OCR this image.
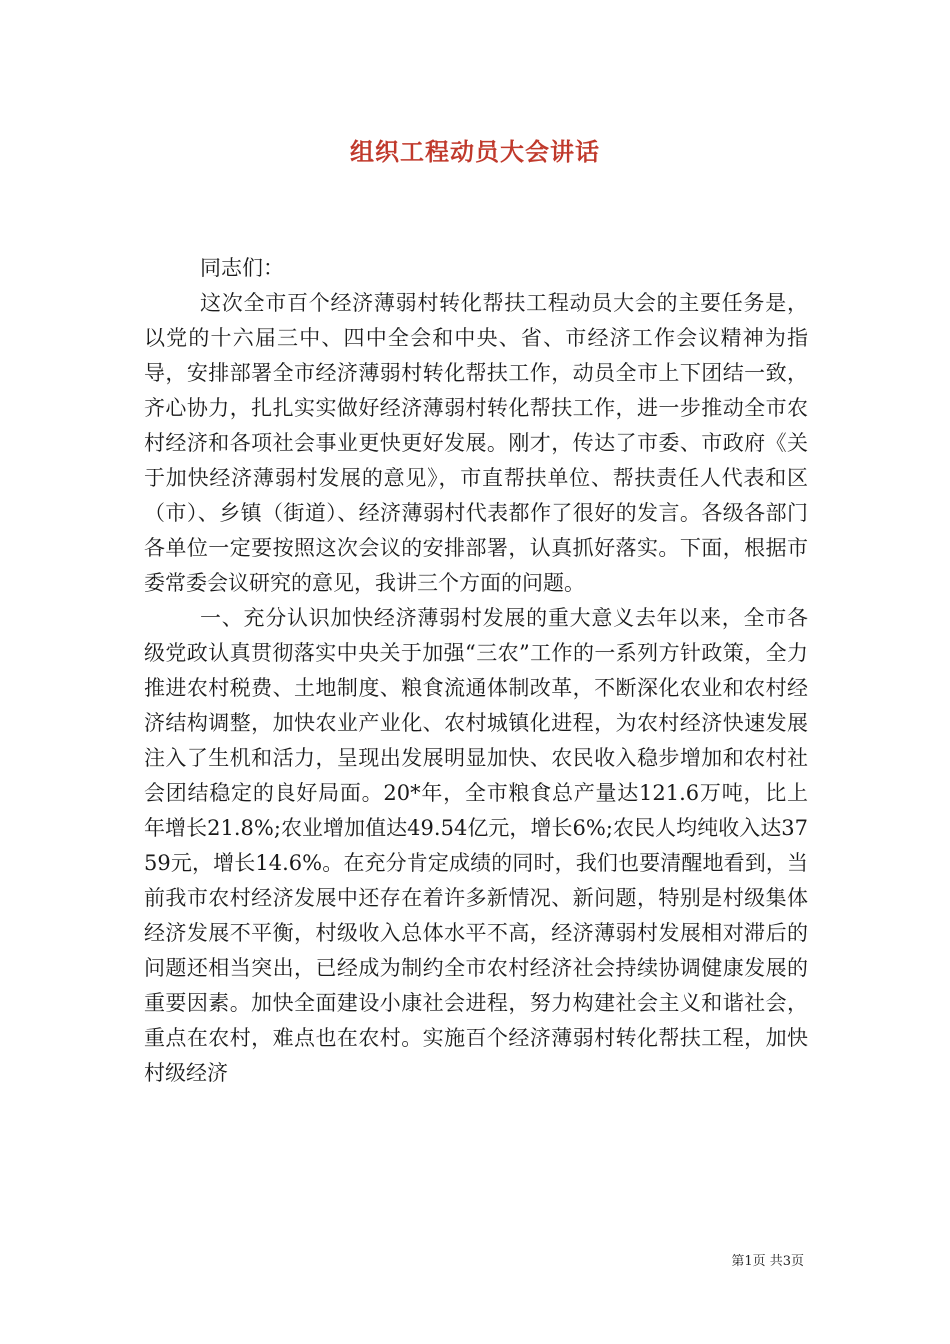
组织工程动员大会讲话

同志们：

这次全市百个经济薄弱村转化帮扶工程动员大会的主要任务是，以党的十六届三中、四中全会和中央、省、市经济工作会议精神为指导，安排部署全市经济薄弱村转化帮扶工作，动员全市上下团结一致，齐心协力，扎扎实实做好经济薄弱村转化帮扶工作，进一步推动全市农村经济和各项社会事业更快更好发展。刚才，传达了市委、市政府《关于加快经济薄弱村发展的意见》，市直帮扶单位、帮扶责任人代表和区（市）、乡镇（街道）、经济薄弱村代表都作了很好的发言。各级各部门各单位一定要按照这次会议的安排部署，认真抓好落实。下面，根据市委常委会议研究的意见，我讲三个方面的问题。

一、充分认识加快经济薄弱村发展的重大意义去年以来，全市各级党政认真贯彻落实中央关于加强“三农”工作的一系列方针政策，全力推进农村税费、土地制度、粮食流通体制改革，不断深化农业和农村经济结构调整，加快农业产业化、农村城镇化进程，为农村经济快速发展注入了生机和活力，呈现出发展明显加快、农民收入稳步增加和农村社会团结稳定的良好局面。20*年，全市粮食总产量达121.6万吨，比上年增长21.8%;农业增加值达49.54亿元，增长6%;农民人均纯收入达3759元，增长14.6%。在充分肯定成绩的同时，我们也要清醒地看到，当前我市农村经济发展中还存在着许多新情况、新问题，特别是村级集体经济发展不平衡，村级收入总体水平不高，经济薄弱村发展相对滞后的问题还相当突出，已经成为制约全市农村经济社会持续协调健康发展的重要因素。加快全面建设小康社会进程，努力构建社会主义和谐社会，重点在农村，难点也在农村。实施百个经济薄弱村转化帮扶工程，加快村级经济

第1页 共3页
